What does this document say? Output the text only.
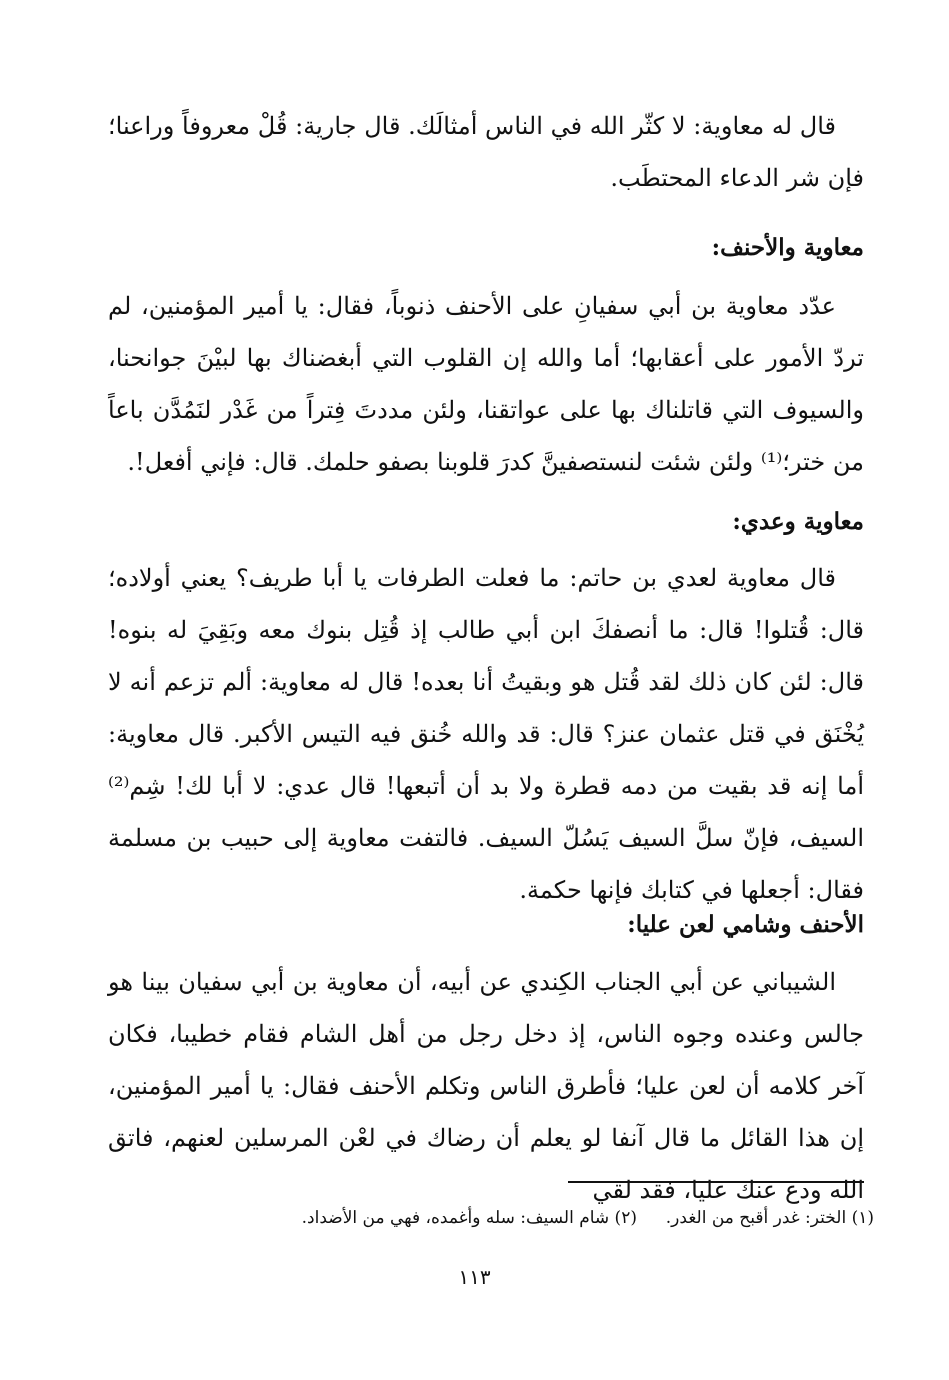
قال له معاوية: لا كثّر الله في الناس أمثالَك. قال جارية: قُلْ معروفاً وراعنا؛ فإن شر الدعاء المحتطَب.

معاوية والأحنف:

عدّد معاوية بن أبي سفيانِ على الأحنف ذنوباً، فقال: يا أمير المؤمنين، لم تردّ الأمور على أعقابها؛ أما والله إن القلوب التي أبغضناك بها لبيْنَ جوانحنا، والسيوف التي قاتلناك بها على عواتقنا، ولئن مددتَ فِتراً من غَدْر لنَمُدَّن باعاً من ختر؛⁽¹⁾ ولئن شئت لنستصفينَّ كدرَ قلوبنا بصفو حلمك. قال: فإني أفعل!.

معاوية وعدي:

قال معاوية لعدي بن حاتم: ما فعلت الطرفات يا أبا طريف؟ يعني أولاده؛ قال: قُتلوا! قال: ما أنصفكَ ابن أبي طالب إذ قُتِل بنوك معه وبَقِيَ له بنوه! قال: لئن كان ذلك لقد قُتل هو وبقيتُ أنا بعده! قال له معاوية: ألم تزعم أنه لا يُخْنَق في قتل عثمان عنز؟ قال: قد والله خُنق فيه التيس الأكبر. قال معاوية: أما إنه قد بقيت من دمه قطرة ولا بد أن أتبعها! قال عدي: لا أبا لك! شِم⁽²⁾ السيف، فإنّ سلَّ السيف يَسُلّ السيف. فالتفت معاوية إلى حبيب بن مسلمة فقال: أجعلها في كتابك فإنها حكمة.

الأحنف وشامي لعن عليا:

الشيباني عن أبي الجناب الكِندي عن أبيه، أن معاوية بن أبي سفيان بينا هو جالس وعنده وجوه الناس، إذ دخل رجل من أهل الشام فقام خطيبا، فكان آخر كلامه أن لعن عليا؛ فأطرق الناس وتكلم الأحنف فقال: يا أمير المؤمنين، إن هذا القائل ما قال آنفا لو يعلم أن رضاك في لعْن المرسلين لعنهم، فاتق الله ودع عنك عليا، فقد لقي

(١) الختر: غدر أقبح من الغدر.  (٢) شام السيف: سله وأغمده، فهي من الأضداد.
١١٣
